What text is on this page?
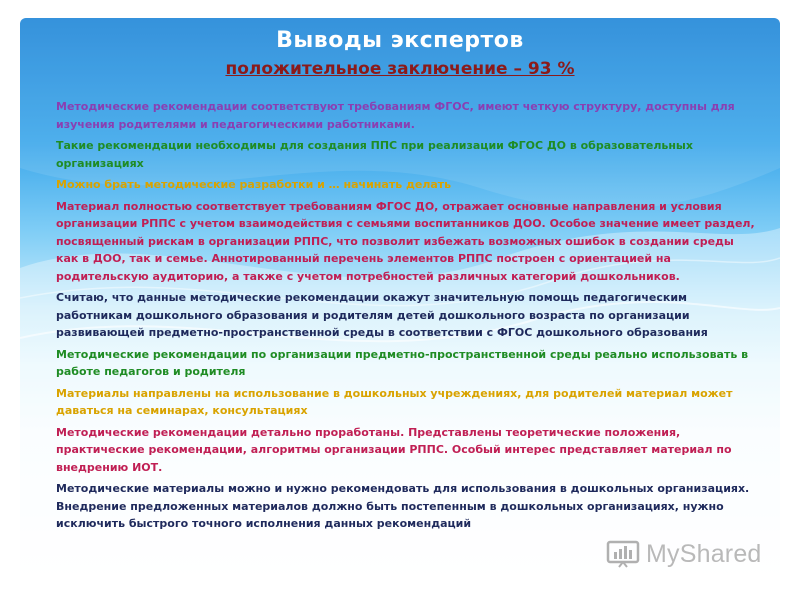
Выводы экспертов
положительное заключение – 93 %

Методические рекомендации соответствуют требованиям ФГОС, имеют четкую структуру, доступны для изучения родителями и педагогическими работниками.

Такие рекомендации необходимы для создания ППС при реализации ФГОС ДО в образовательных организациях

Можно брать методические разработки и … начинать делать

Материал полностью соответствует требованиям ФГОС ДО, отражает основные направления и условия организации РППС с учетом взаимодействия с семьями воспитанников ДОО. Особое значение имеет раздел, посвященный рискам в организации РППС, что позволит избежать возможных ошибок в создании среды как в ДОО, так и семье. Аннотированный перечень элементов РППС построен с ориентацией на родительскую аудиторию, а также с учетом потребностей различных категорий дошкольников.

Считаю, что данные методические рекомендации окажут значительную помощь педагогическим работникам дошкольного образования и родителям детей дошкольного возраста по организации развивающей предметно-пространственной среды в соответствии с ФГОС дошкольного образования

Методические рекомендации по организации предметно-пространственной среды реально использовать в работе педагогов и родителя

Материалы направлены на использование в дошкольных учреждениях, для родителей материал может даваться на семинарах, консультациях

Методические рекомендации детально проработаны. Представлены теоретические положения, практические рекомендации, алгоритмы организации РППС. Особый интерес представляет материал по внедрению ИОТ.

Методические материалы можно и нужно рекомендовать для использования в дошкольных организациях. Внедрение предложенных материалов должно быть постепенным в дошкольных организациях, нужно исключить быстрого точного исполнения данных рекомендаций

MyShared
